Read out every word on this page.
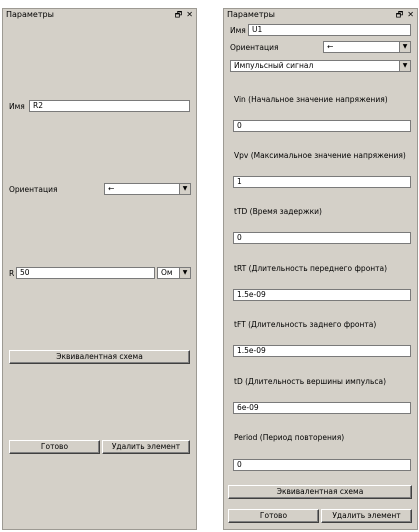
Параметры	🗗 ✕
Имя	R2
Ориентация	←	▼
R 50	Ом	▼
Эквивалентная схема
Готово	Удалить элемент
Параметры	🗗 ✕
Имя U1
Ориентация	←	▼
Импульсный сигнал	▼
Vin (Начальное значение напряжения)
0
Vpv (Максимальное значение напряжения)
1
tTD (Время задержки)
0
tRT (Длительность переднего фронта)
1.5e-09
tFT (Длительность заднего фронта)
1.5e-09
tD (Длительность вершины импульса)
6e-09
Period (Период повторения)
0
Эквивалентная схема
Готово	Удалить элемент
